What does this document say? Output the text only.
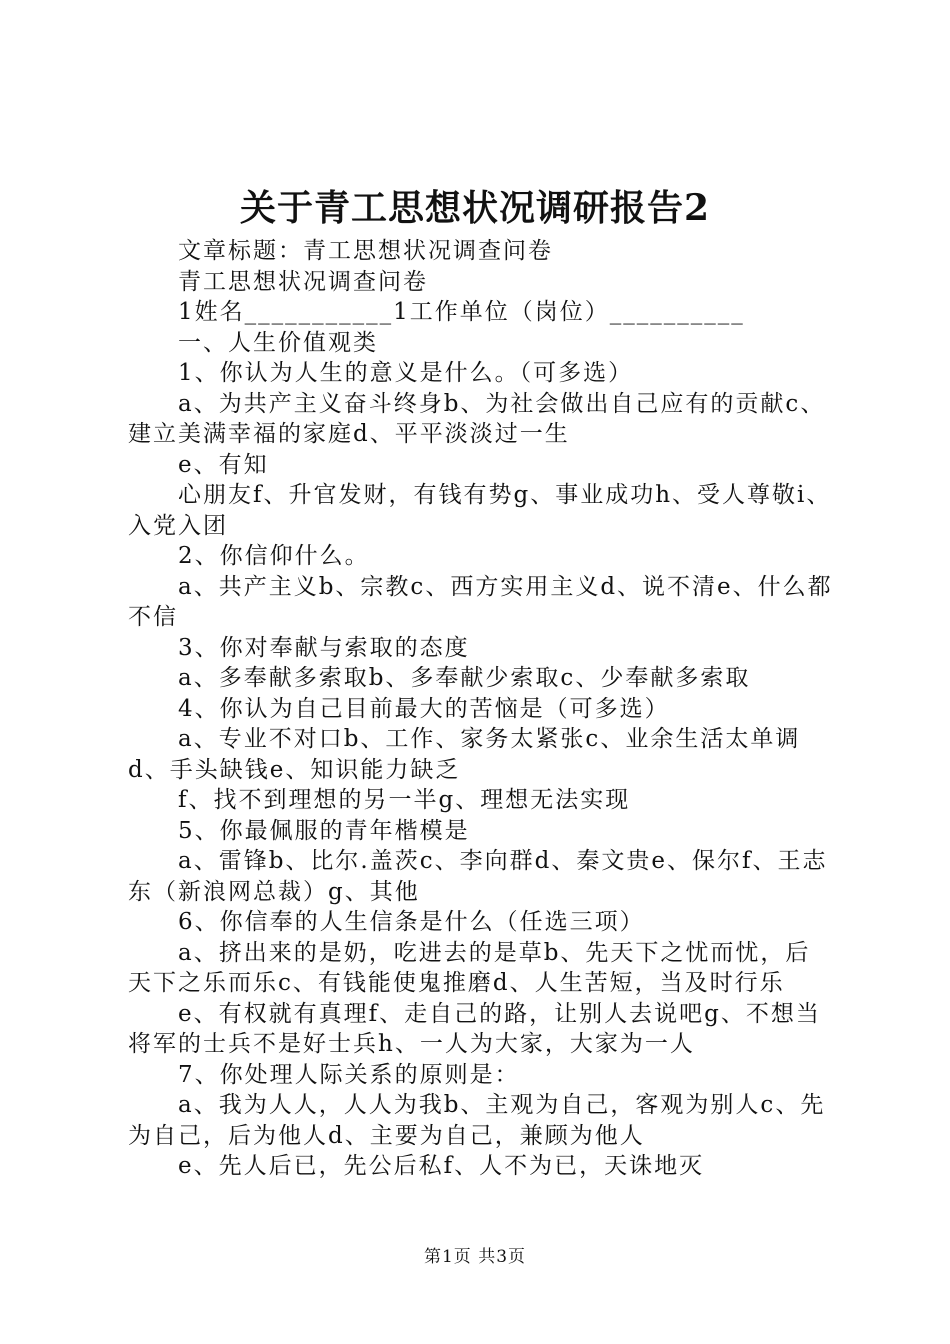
关于青工思想状况调研报告2

文章标题：青工思想状况调查问卷

青工思想状况调查问卷

1姓名___________1工作单位（岗位）__________

一、人生价值观类

1、你认为人生的意义是什么。（可多选）

a、为共产主义奋斗终身b、为社会做出自己应有的贡献c、建立美满幸福的家庭d、平平淡淡过一生

e、有知

心朋友f、升官发财，有钱有势g、事业成功h、受人尊敬i、入党入团

2、你信仰什么。

a、共产主义b、宗教c、西方实用主义d、说不清e、什么都不信

3、你对奉献与索取的态度

a、多奉献多索取b、多奉献少索取c、少奉献多索取

4、你认为自己目前最大的苦恼是（可多选）

a、专业不对口b、工作、家务太紧张c、业余生活太单调d、手头缺钱e、知识能力缺乏

f、找不到理想的另一半g、理想无法实现

5、你最佩服的青年楷模是

a、雷锋b、比尔.盖茨c、李向群d、秦文贵e、保尔f、王志东（新浪网总裁）g、其他

6、你信奉的人生信条是什么（任选三项）

a、挤出来的是奶，吃进去的是草b、先天下之忧而忧，后天下之乐而乐c、有钱能使鬼推磨d、人生苦短，当及时行乐

e、有权就有真理f、走自己的路，让别人去说吧g、不想当将军的士兵不是好士兵h、一人为大家，大家为一人

7、你处理人际关系的原则是：

a、我为人人，人人为我b、主观为自己，客观为别人c、先为自己，后为他人d、主要为自己，兼顾为他人

e、先人后已，先公后私f、人不为已，天诛地灭

第1页 共3页
